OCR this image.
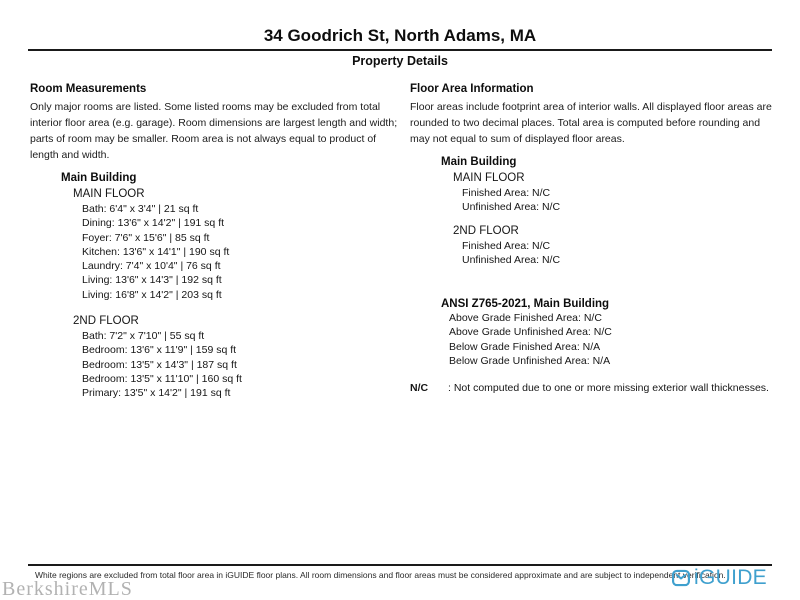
34 Goodrich St, North Adams, MA
Property Details
Room Measurements
Only major rooms are listed. Some listed rooms may be excluded from total interior floor area (e.g. garage). Room dimensions are largest length and width; parts of room may be smaller. Room area is not always equal to product of length and width.
Main Building
MAIN FLOOR
Bath: 6'4" x 3'4" | 21 sq ft
Dining: 13'6" x 14'2" | 191 sq ft
Foyer: 7'6" x 15'6" | 85 sq ft
Kitchen: 13'6" x 14'1" | 190 sq ft
Laundry: 7'4" x 10'4" | 76 sq ft
Living: 13'6" x 14'3" | 192 sq ft
Living: 16'8" x 14'2" | 203 sq ft
2ND FLOOR
Bath: 7'2" x 7'10" | 55 sq ft
Bedroom: 13'6" x 11'9" | 159 sq ft
Bedroom: 13'5" x 14'3" | 187 sq ft
Bedroom: 13'5" x 11'10" | 160 sq ft
Primary: 13'5" x 14'2" | 191 sq ft
Floor Area Information
Floor areas include footprint area of interior walls. All displayed floor areas are rounded to two decimal places. Total area is computed before rounding and may not equal to sum of displayed floor areas.
Main Building
MAIN FLOOR
Finished Area: N/C
Unfinished Area: N/C
2ND FLOOR
Finished Area: N/C
Unfinished Area: N/C
ANSI Z765-2021, Main Building
Above Grade Finished Area: N/C
Above Grade Unfinished Area: N/C
Below Grade Finished Area: N/A
Below Grade Unfinished Area: N/A
N/C	: Not computed due to one or more missing exterior wall thicknesses.
White regions are excluded from total floor area in iGUIDE floor plans. All room dimensions and floor areas must be considered approximate and are subject to independent verification.
iGUIDE
BerkshireMLS
